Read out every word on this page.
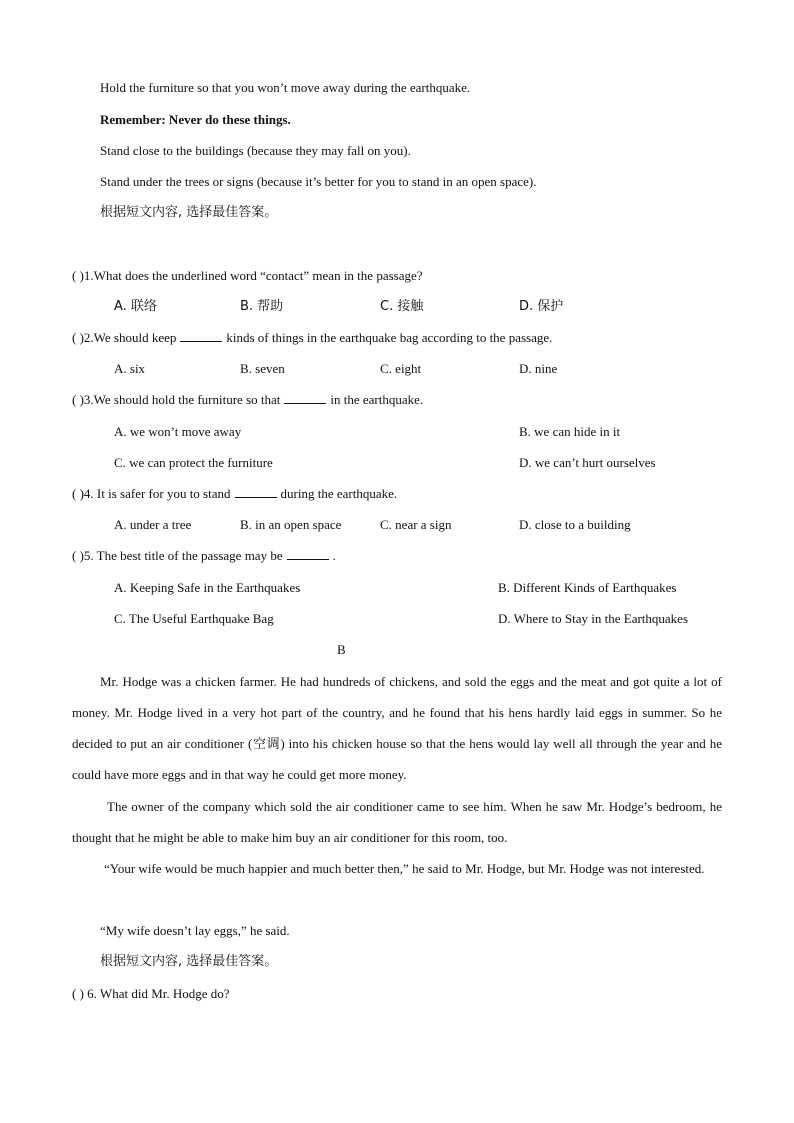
Hold the furniture so that you won’t move away during the earthquake.
Remember: Never do these things.
Stand close to the buildings (because they may fall on you).
Stand under the trees or signs (because it’s better for you to stand in an open space).
根据短文内容, 选择最佳答案。
( )1.What does the underlined word “contact” mean in the passage?
A. 联络	B. 帮助	C. 接触	D. 保护
( )2.We should keep	kinds of things in the earthquake bag according to the passage.
A. six	B. seven	C. eight	D. nine
( )3.We should hold the furniture so that	in the earthquake.
A. we won’t move away	B. we can hide in it
C. we can protect the furniture	D. we can’t hurt ourselves
( )4. It is safer for you to stand	during the earthquake.
A. under a tree	B. in an open space	C. near a sign	D. close to a building
( )5. The best title of the passage may be	.
A. Keeping Safe in the Earthquakes	B. Different Kinds of Earthquakes
C. The Useful Earthquake Bag	D. Where to Stay in the Earthquakes
B
Mr. Hodge was a chicken farmer. He had hundreds of chickens, and sold the eggs and the meat and got quite a lot of money. Mr. Hodge lived in a very hot part of the country, and he found that his hens hardly laid eggs in summer. So he decided to put an air conditioner (空调) into his chicken house so that the hens would lay well all through the year and he could have more eggs and in that way he could get more money.
The owner of the company which sold the air conditioner came to see him. When he saw Mr. Hodge’s bedroom, he thought that he might be able to make him buy an air conditioner for this room, too.
“Your wife would be much happier and much better then,” he said to Mr. Hodge, but Mr. Hodge was not interested.
“My wife doesn’t lay eggs,” he said.
根据短文内容, 选择最佳答案。
( ) 6. What did Mr. Hodge do?
